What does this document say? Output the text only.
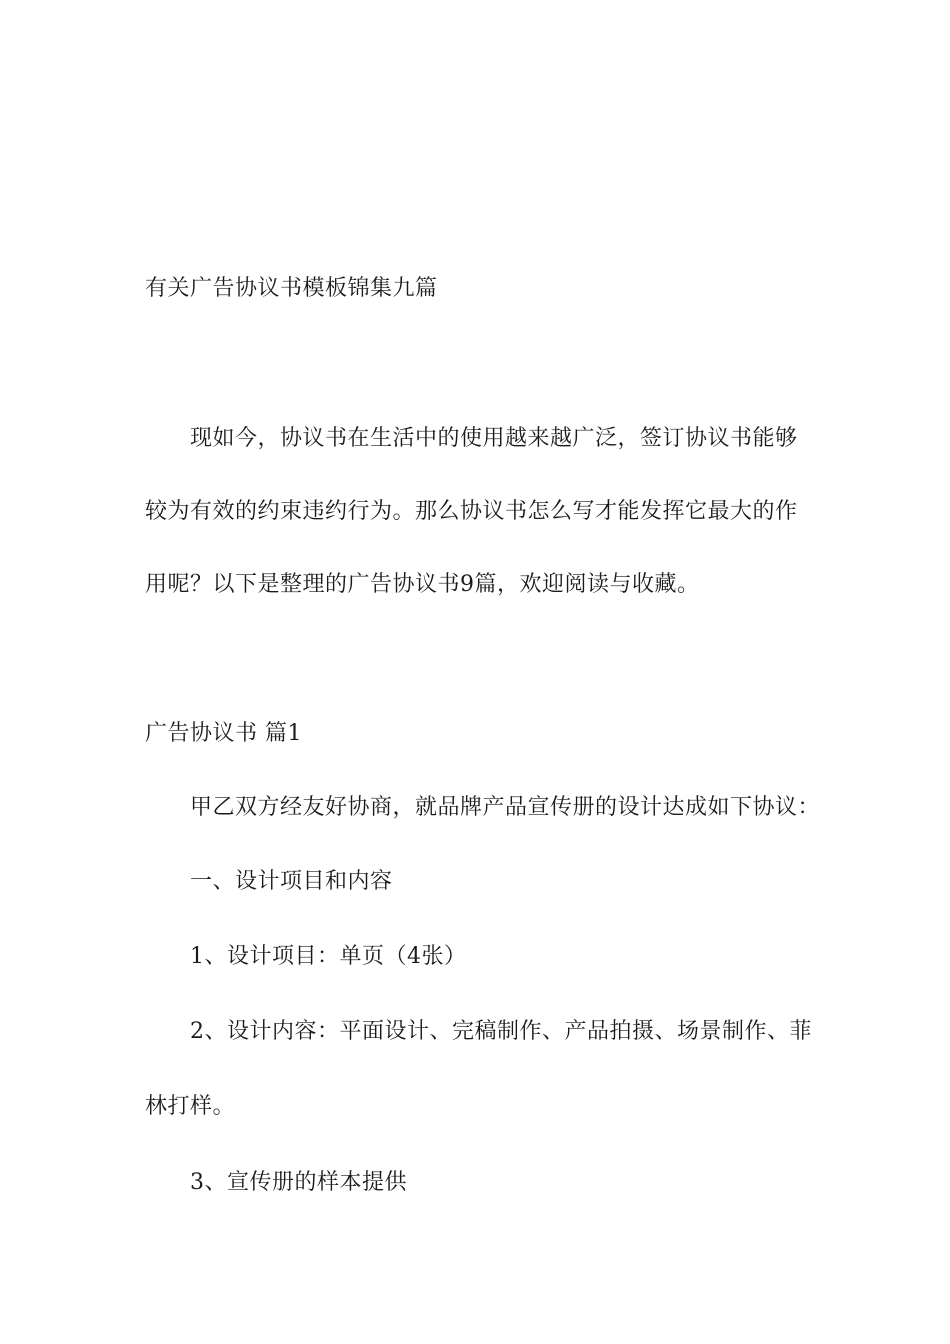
有关广告协议书模板锦集九篇
现如今，协议书在生活中的使用越来越广泛，签订协议书能够
较为有效的约束违约行为。那么协议书怎么写才能发挥它最大的作
用呢？以下是整理的广告协议书9篇，欢迎阅读与收藏。
广告协议书 篇1
甲乙双方经友好协商，就品牌产品宣传册的设计达成如下协议：
一、设计项目和内容
1、设计项目：单页（4张）
2、设计内容：平面设计、完稿制作、产品拍摄、场景制作、菲
林打样。
3、宣传册的样本提供
